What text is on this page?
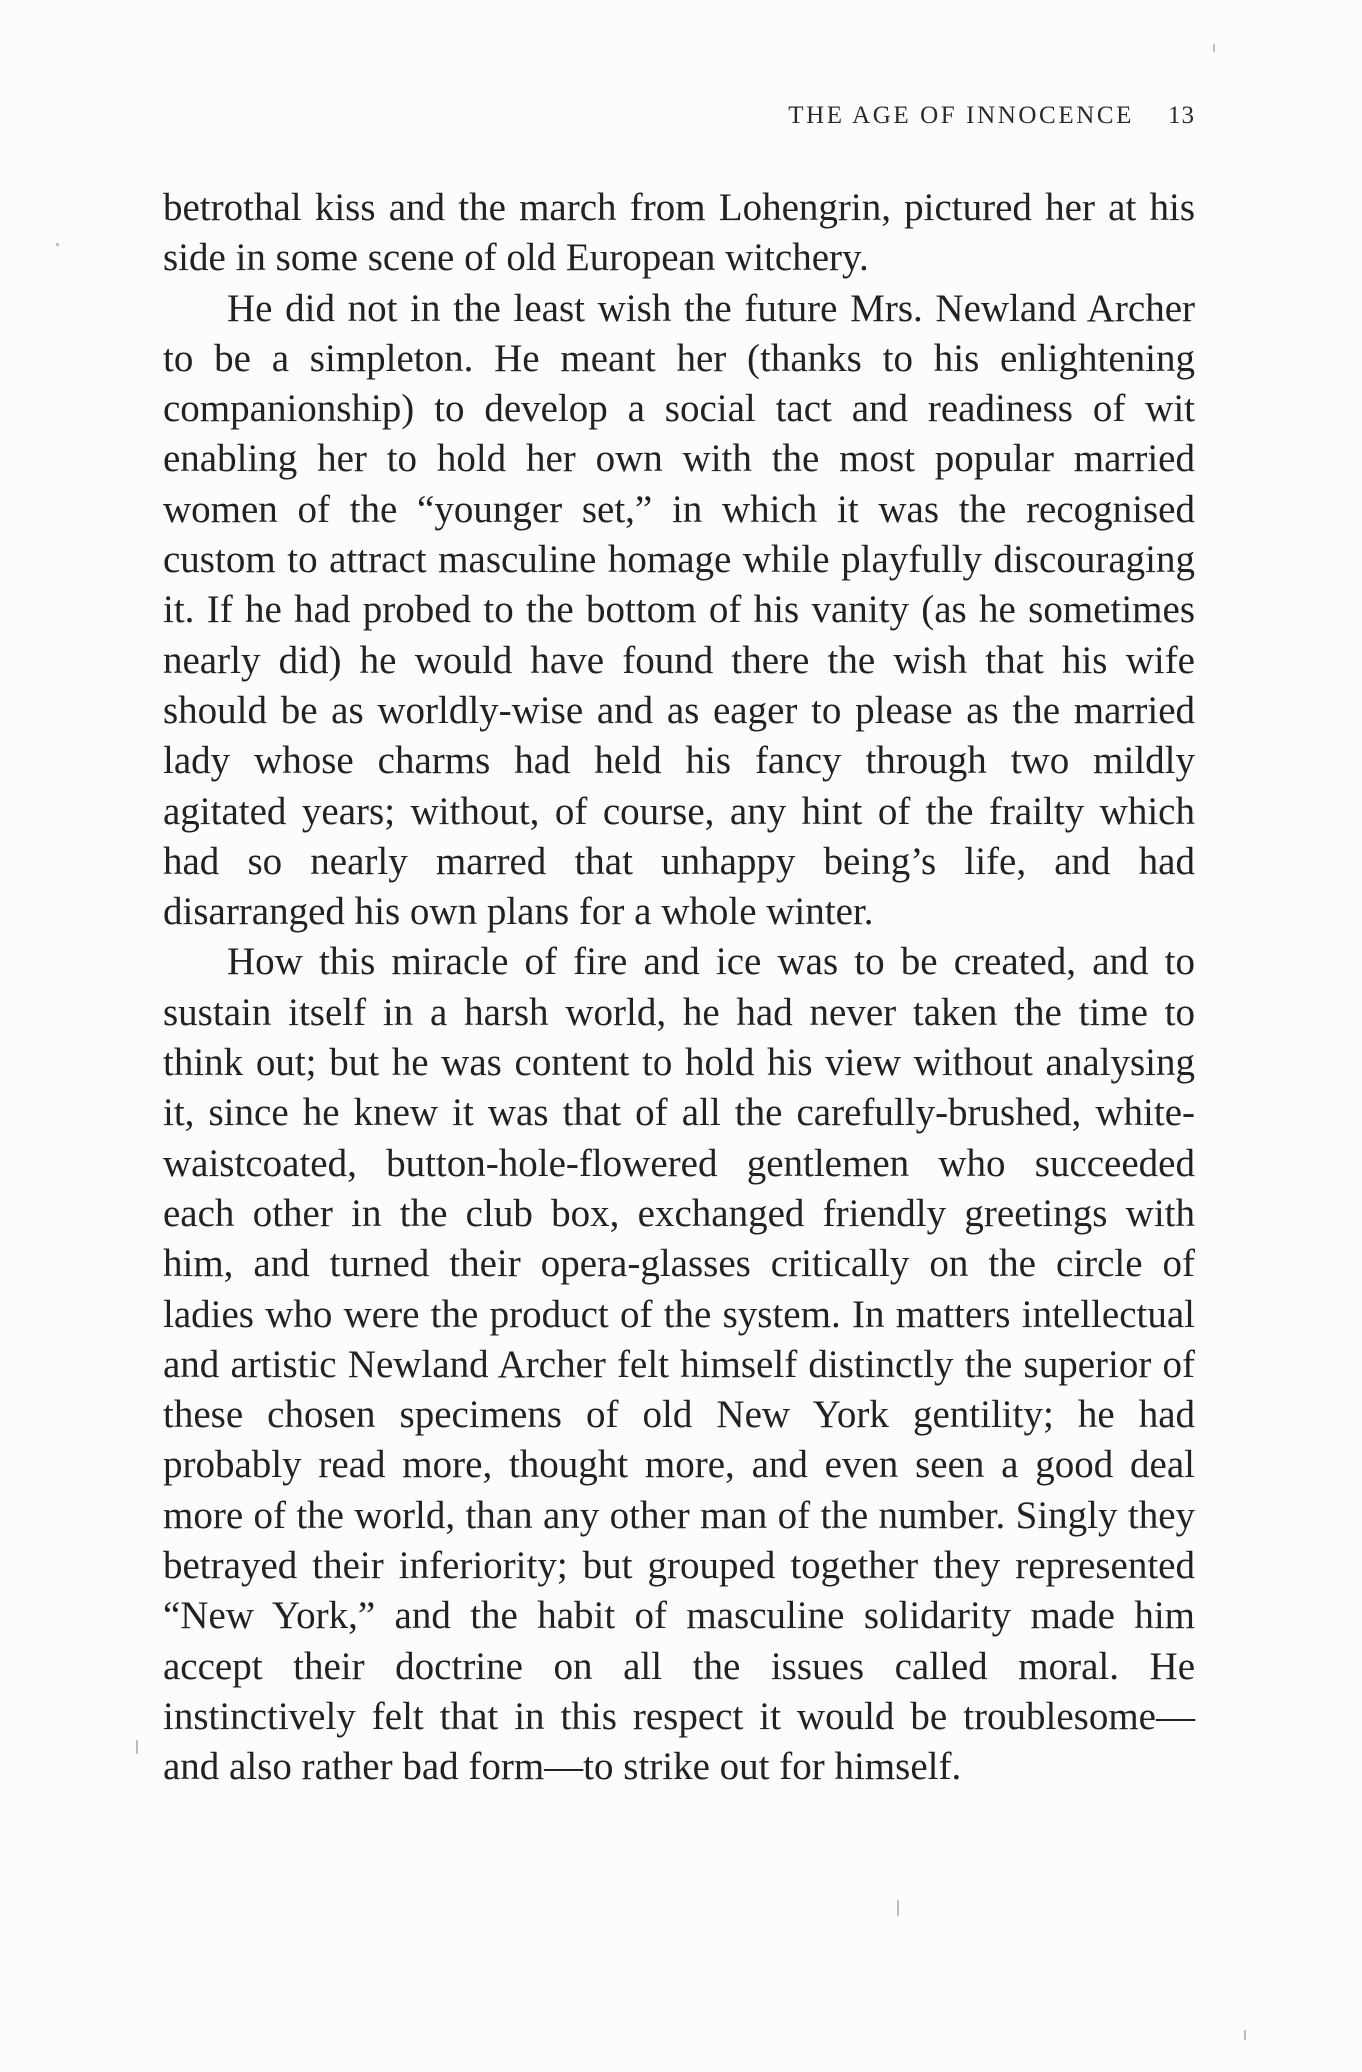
THE AGE OF INNOCENCE 13

betrothal kiss and the march from Lohengrin, pictured her at his side in some scene of old European witchery.

He did not in the least wish the future Mrs. Newland Archer to be a simpleton. He meant her (thanks to his enlightening companionship) to develop a social tact and readiness of wit enabling her to hold her own with the most popular married women of the “younger set,” in which it was the recognised custom to attract masculine homage while playfully discouraging it. If he had probed to the bottom of his vanity (as he sometimes nearly did) he would have found there the wish that his wife should be as worldly-wise and as eager to please as the married lady whose charms had held his fancy through two mildly agitated years; without, of course, any hint of the frailty which had so nearly marred that unhappy being’s life, and had disarranged his own plans for a whole winter.

How this miracle of fire and ice was to be created, and to sustain itself in a harsh world, he had never taken the time to think out; but he was content to hold his view without analysing it, since he knew it was that of all the carefully-brushed, white-waistcoated, button-hole-flowered gentlemen who succeeded each other in the club box, exchanged friendly greetings with him, and turned their opera-glasses critically on the circle of ladies who were the product of the system. In matters intellectual and artistic Newland Archer felt himself distinctly the superior of these chosen specimens of old New York gentility; he had probably read more, thought more, and even seen a good deal more of the world, than any other man of the number. Singly they betrayed their inferiority; but grouped together they represented “New York,” and the habit of masculine solidarity made him accept their doctrine on all the issues called moral. He instinctively felt that in this respect it would be troublesome—and also rather bad form—to strike out for himself.
